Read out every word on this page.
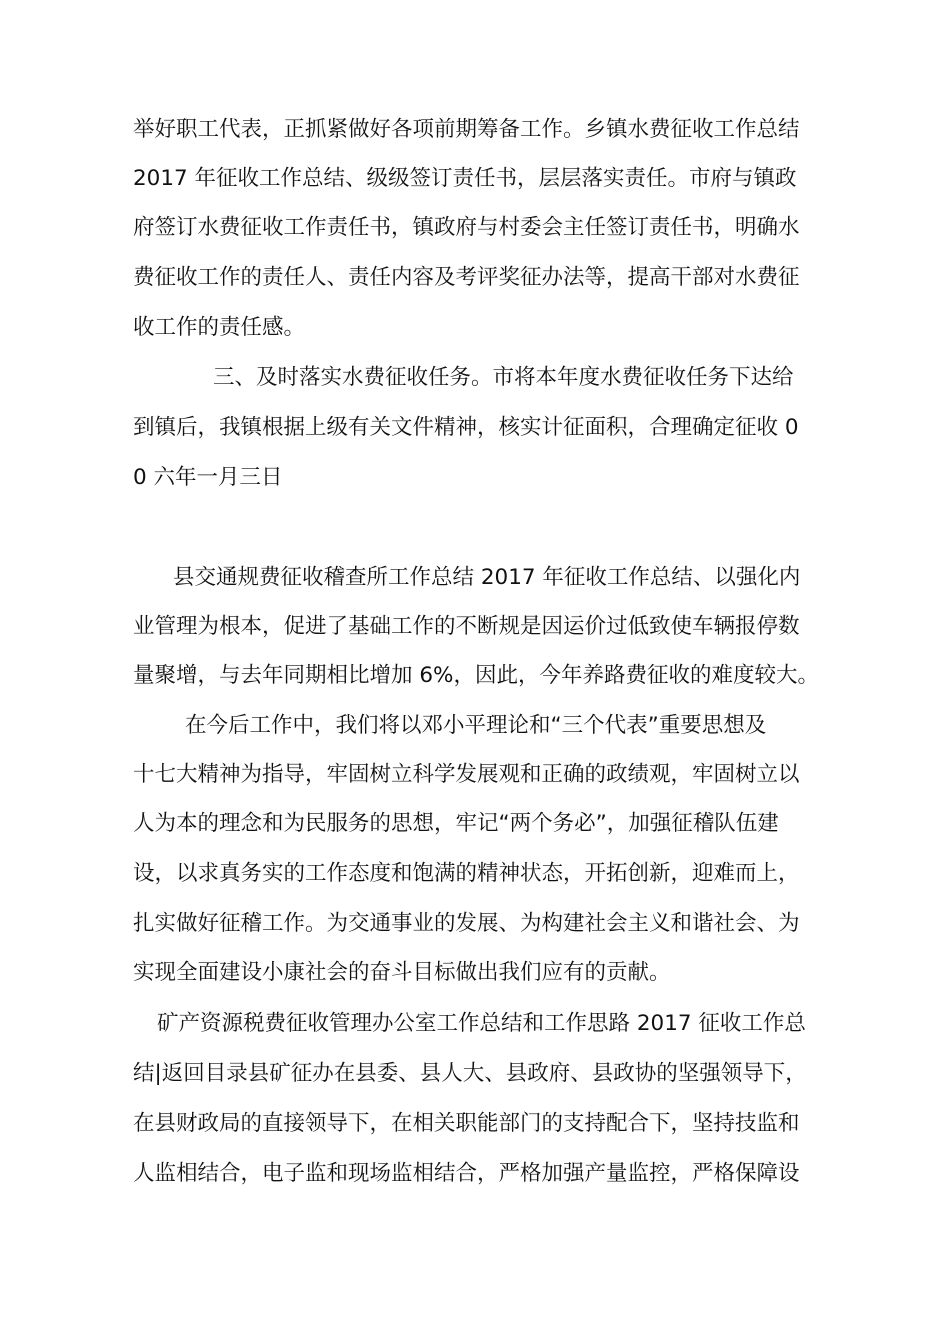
举好职工代表，正抓紧做好各项前期筹备工作。乡镇水费征收工作总结
2017 年征收工作总结、级级签订责任书，层层落实责任。市府与镇政
府签订水费征收工作责任书，镇政府与村委会主任签订责任书，明确水
费征收工作的责任人、责任内容及考评奖征办法等，提高干部对水费征
收工作的责任感。
三、及时落实水费征收任务。市将本年度水费征收任务下达给
到镇后，我镇根据上级有关文件精神，核实计征面积，合理确定征收 0
0 六年一月三日
县交通规费征收稽查所工作总结 2017 年征收工作总结、以强化内
业管理为根本，促进了基础工作的不断规是因运价过低致使车辆报停数
量聚增，与去年同期相比增加 6%，因此，今年养路费征收的难度较大。
在今后工作中，我们将以邓小平理论和“三个代表”重要思想及
十七大精神为指导，牢固树立科学发展观和正确的政绩观，牢固树立以
人为本的理念和为民服务的思想，牢记“两个务必”，加强征稽队伍建
设，以求真务实的工作态度和饱满的精神状态，开拓创新，迎难而上，
扎实做好征稽工作。为交通事业的发展、为构建社会主义和谐社会、为
实现全面建设小康社会的奋斗目标做出我们应有的贡献。
矿产资源税费征收管理办公室工作总结和工作思路 2017 征收工作总
结|返回目录县矿征办在县委、县人大、县政府、县政协的坚强领导下，
在县财政局的直接领导下，在相关职能部门的支持配合下，坚持技监和
人监相结合，电子监和现场监相结合，严格加强产量监控，严格保障设
